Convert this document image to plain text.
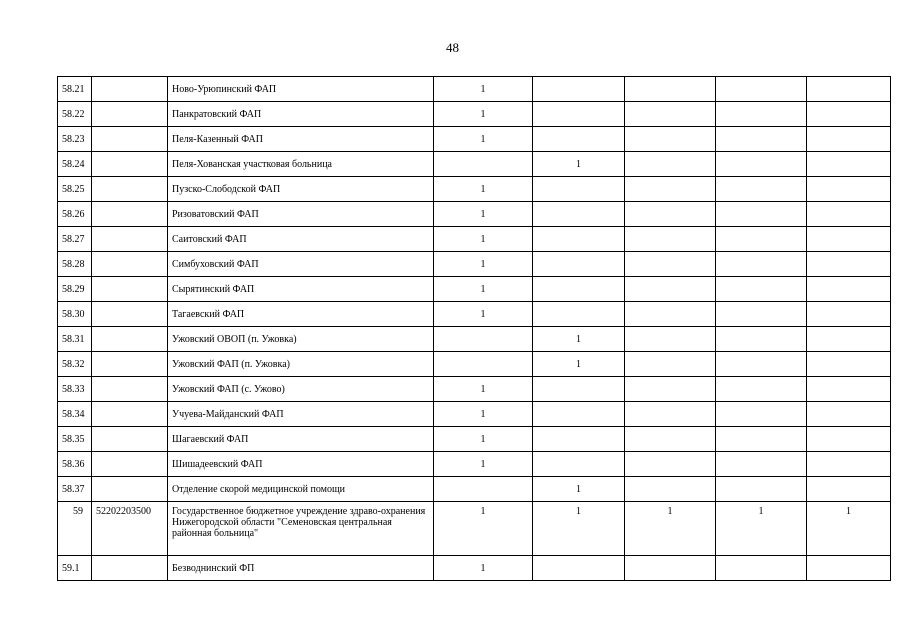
48
58.21		Ново-Урюпинский ФАП	1				
58.22		Панкратовский ФАП	1				
58.23		Пеля-Казенный ФАП	1				
58.24		Пеля-Хованская участковая больница		1			
58.25		Пузско-Слободской ФАП	1				
58.26		Ризоватовский ФАП	1				
58.27		Саитовский ФАП	1				
58.28		Симбуховский ФАП	1				
58.29		Сырятинский ФАП	1				
58.30		Тагаевский ФАП	1				
58.31		Ужовский ОВОП (п. Ужовка)		1			
58.32		Ужовский ФАП (п. Ужовка)		1			
58.33		Ужовский ФАП (с. Ужово)	1				
58.34		Учуева-Майданский ФАП	1				
58.35		Шагаевский ФАП	1				
58.36		Шишадеевский ФАП	1				
58.37		Отделение скорой медицинской помощи		1			
59	52202203500	Государственное бюджетное учреждение здраво-охранения Нижегородской области "Семеновская центральная районная больница"	1	1	1	1	1
59.1		Безводнинский ФП	1				
